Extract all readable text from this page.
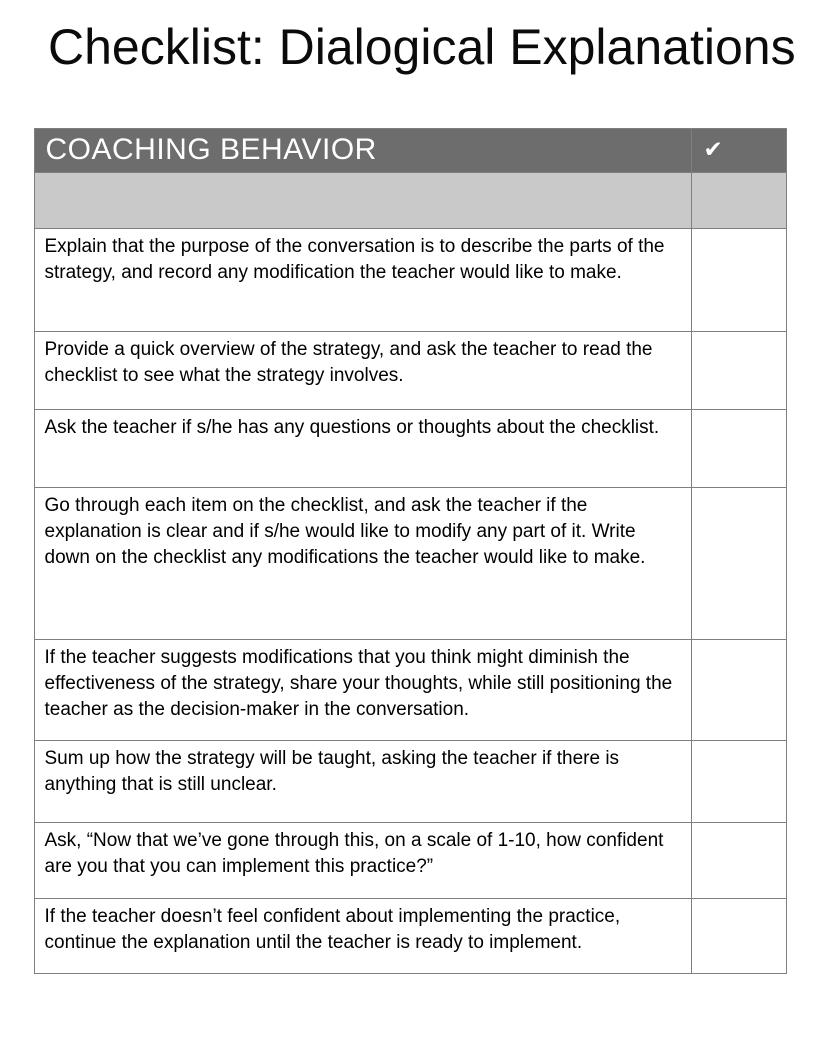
Checklist: Dialogical Explanations
COACHING BEHAVIOR	✔

Explain that the purpose of the conversation is to describe the parts of the strategy, and record any modification the teacher would like to make.	
Provide a quick overview of the strategy, and ask the teacher to read the checklist to see what the strategy involves.	
Ask the teacher if s/he has any questions or thoughts about the checklist.	
Go through each item on the checklist, and ask the teacher if the explanation is clear and if s/he would like to modify any part of it. Write down on the checklist any modifications the teacher would like to make.	
If the teacher suggests modifications that you think might diminish the effectiveness of the strategy, share your thoughts, while still positioning the teacher as the decision-maker in the conversation.	
Sum up how the strategy will be taught, asking the teacher if there is anything that is still unclear.	
Ask, “Now that we’ve gone through this, on a scale of 1-10, how confident are you that you can implement this practice?”	
If the teacher doesn’t feel confident about implementing the practice, continue the explanation until the teacher is ready to implement.	
